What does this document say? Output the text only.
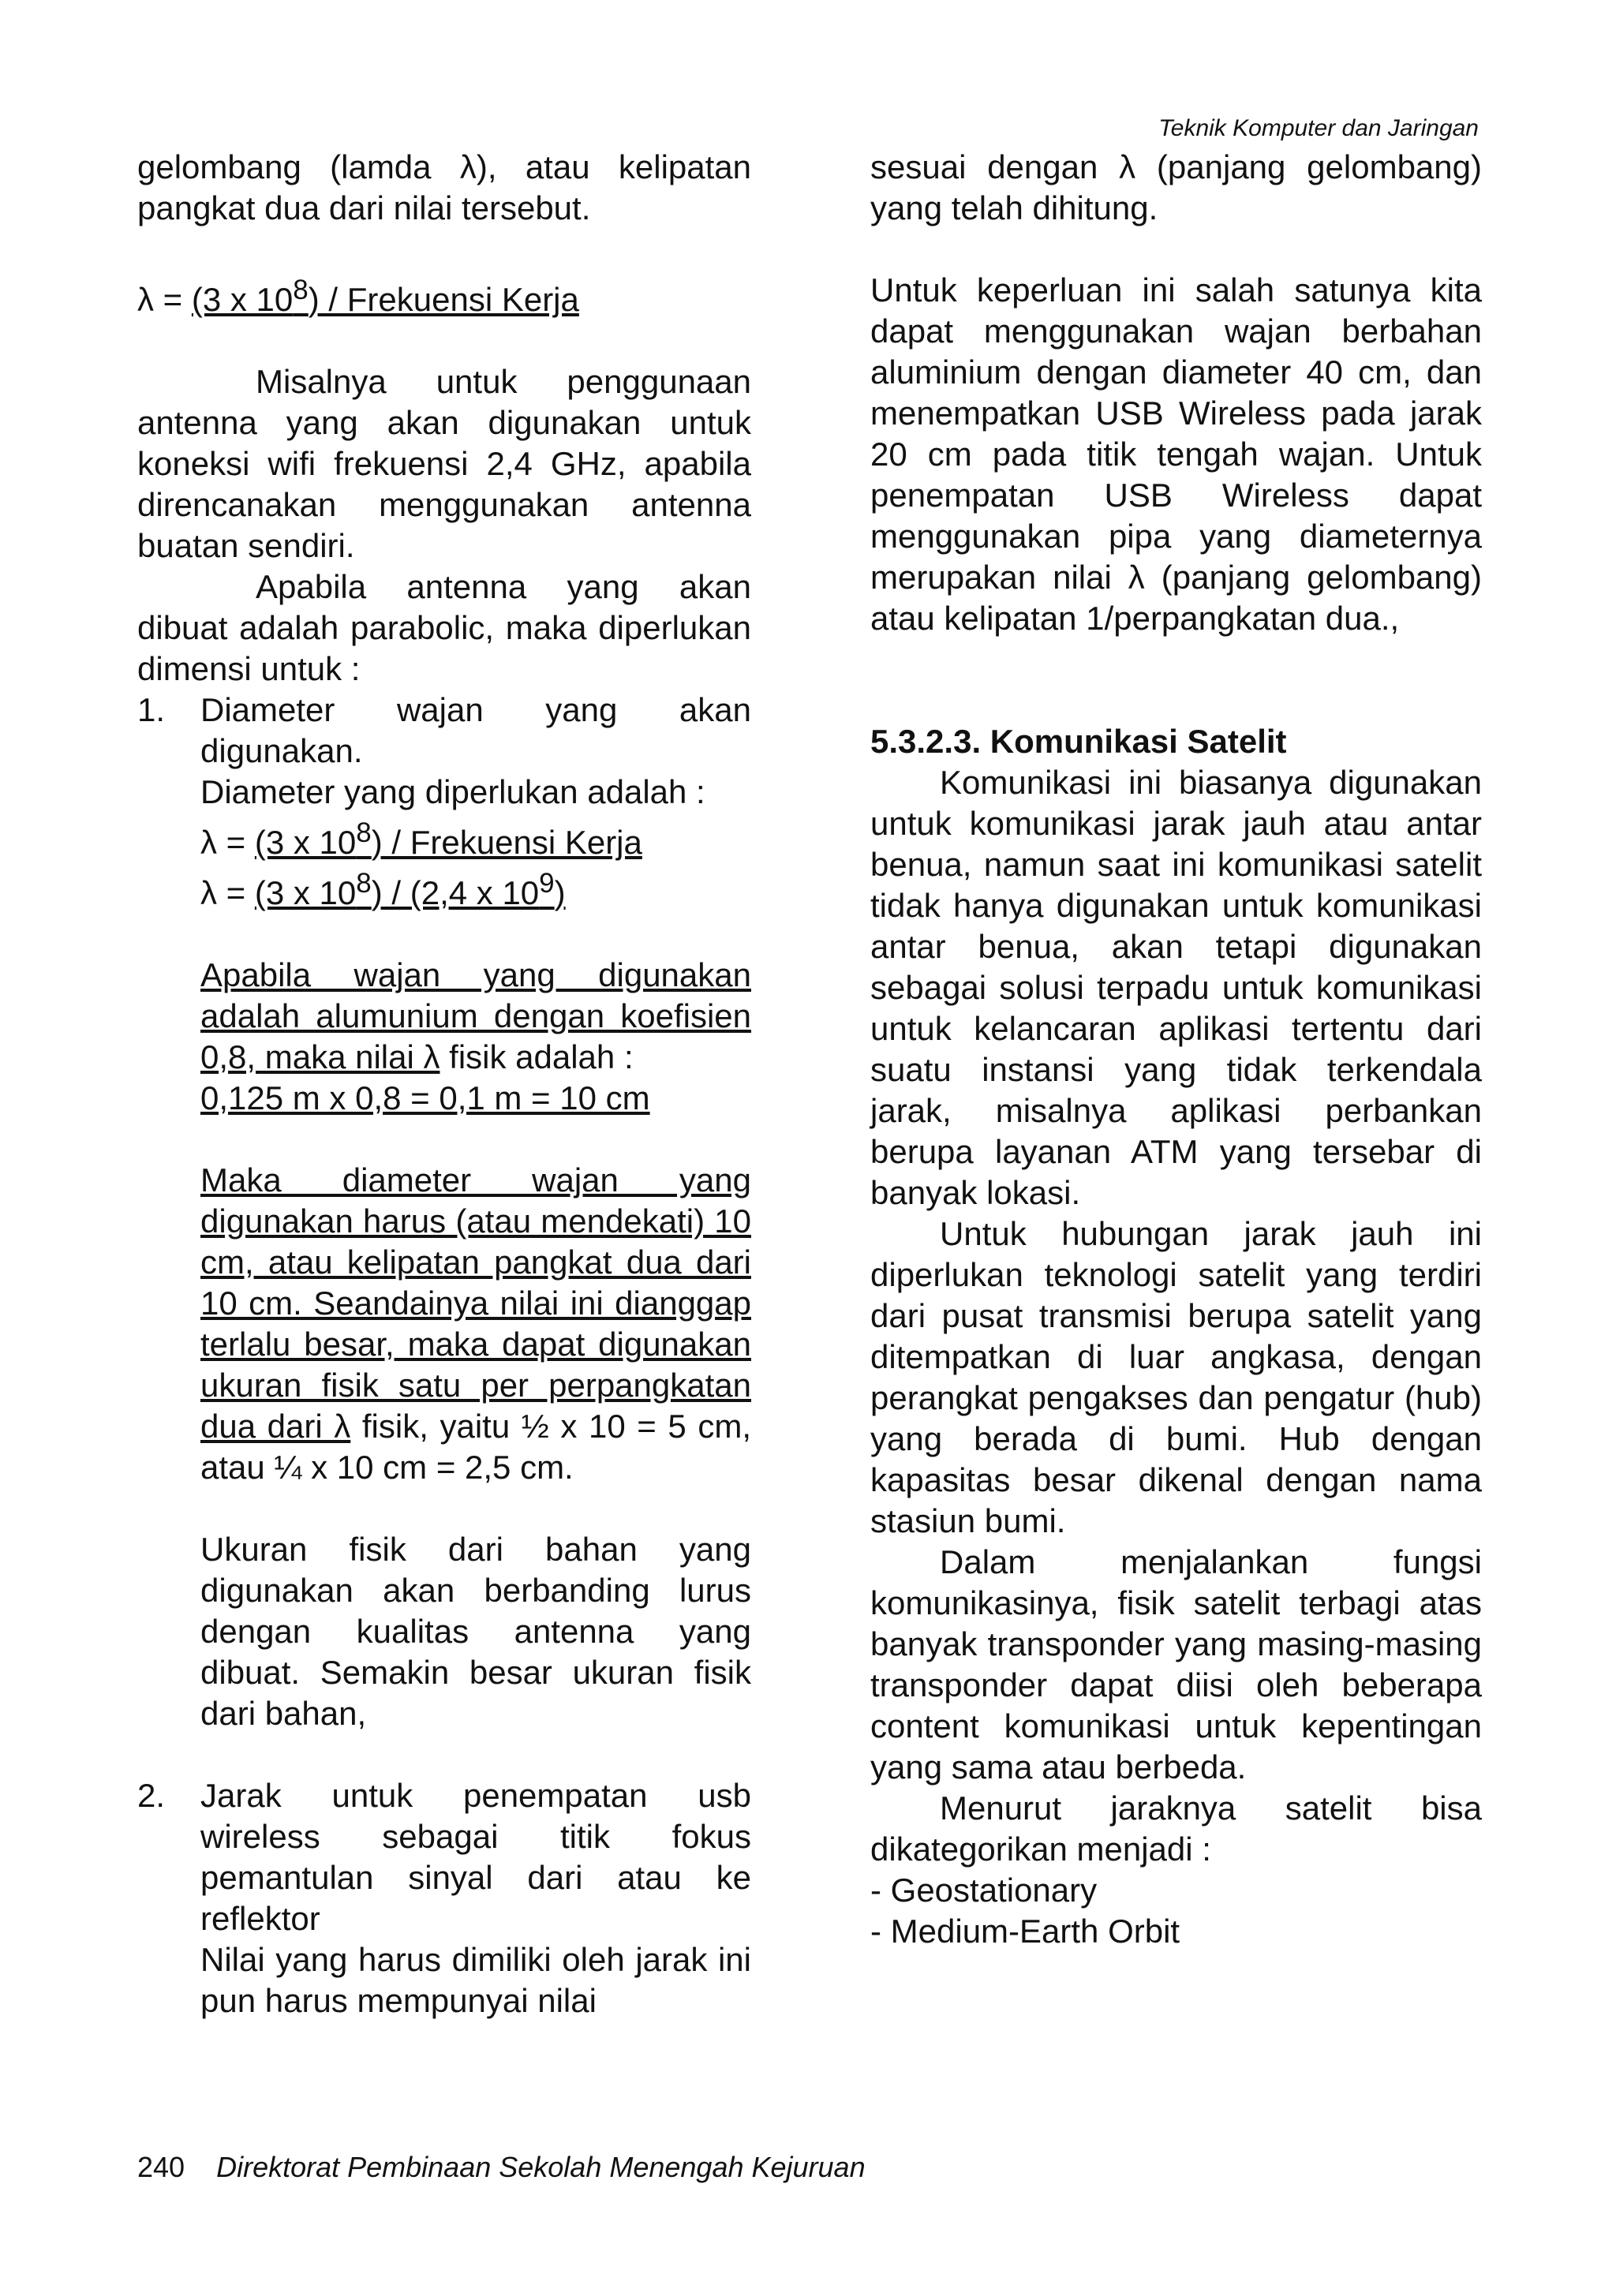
Teknik Komputer dan Jaringan

gelombang (lamda λ), atau kelipatan pangkat dua dari nilai tersebut.

λ = (3 x $10^8$) / Frekuensi Kerja

Misalnya untuk penggunaan antenna yang akan digunakan untuk koneksi wifi frekuensi 2,4 GHz, apabila direncanakan menggunakan antenna buatan sendiri.

Apabila antenna yang akan dibuat adalah parabolic, maka diperlukan dimensi untuk :

1.	Diameter wajan yang akan digunakan.

Diameter yang diperlukan adalah :

λ = (3 x $10^8$) / Frekuensi Kerja

λ = (3 x $10^8) / (2,4$ x $10^9$)

Apabila wajan yang digunakan adalah alumunium dengan koefisien 0,8, maka nilai λ fisik adalah :

0,125 m x 0,8 = 0,1 m = 10 cm

Maka diameter wajan yang digunakan harus (atau mendekati) 10 cm, atau kelipatan pangkat dua dari 10 cm. Seandainya nilai ini dianggap terlalu besar, maka dapat digunakan ukuran fisik satu per perpangkatan dua dari λ fisik, yaitu ½ x 10 = 5 cm, atau ¼ x 10 cm = 2,5 cm.

Ukuran fisik dari bahan yang digunakan akan berbanding lurus dengan kualitas antenna yang dibuat. Semakin besar ukuran fisik dari bahan,

2.	Jarak untuk penempatan usb wireless sebagai titik fokus pemantulan sinyal dari atau ke reflektor

Nilai yang harus dimiliki oleh jarak ini pun harus mempunyai nilai

sesuai dengan λ (panjang gelombang) yang telah dihitung.

Untuk keperluan ini salah satunya kita dapat menggunakan wajan berbahan aluminium dengan diameter 40 cm, dan menempatkan USB Wireless pada jarak 20 cm pada titik tengah wajan. Untuk penempatan USB Wireless dapat menggunakan pipa yang diameternya merupakan nilai λ (panjang gelombang) atau kelipatan 1/perpangkatan dua.,

5.3.2.3. Komunikasi Satelit

Komunikasi ini biasanya digunakan untuk komunikasi jarak jauh atau antar benua, namun saat ini komunikasi satelit tidak hanya digunakan untuk komunikasi antar benua, akan tetapi digunakan sebagai solusi terpadu untuk komunikasi untuk kelancaran aplikasi tertentu dari suatu instansi yang tidak terkendala jarak, misalnya aplikasi perbankan berupa layanan ATM yang tersebar di banyak lokasi.

Untuk hubungan jarak jauh ini diperlukan teknologi satelit yang terdiri dari pusat transmisi berupa satelit yang ditempatkan di luar angkasa, dengan perangkat pengakses dan pengatur (hub) yang berada di bumi. Hub dengan kapasitas besar dikenal dengan nama stasiun bumi.

Dalam menjalankan fungsi komunikasinya, fisik satelit terbagi atas banyak transponder yang masing-masing transponder dapat diisi oleh beberapa content komunikasi untuk kepentingan yang sama atau berbeda.

Menurut jaraknya satelit bisa dikategorikan menjadi :

- Geostationary

- Medium-Earth Orbit

240 Direktorat Pembinaan Sekolah Menengah Kejuruan
